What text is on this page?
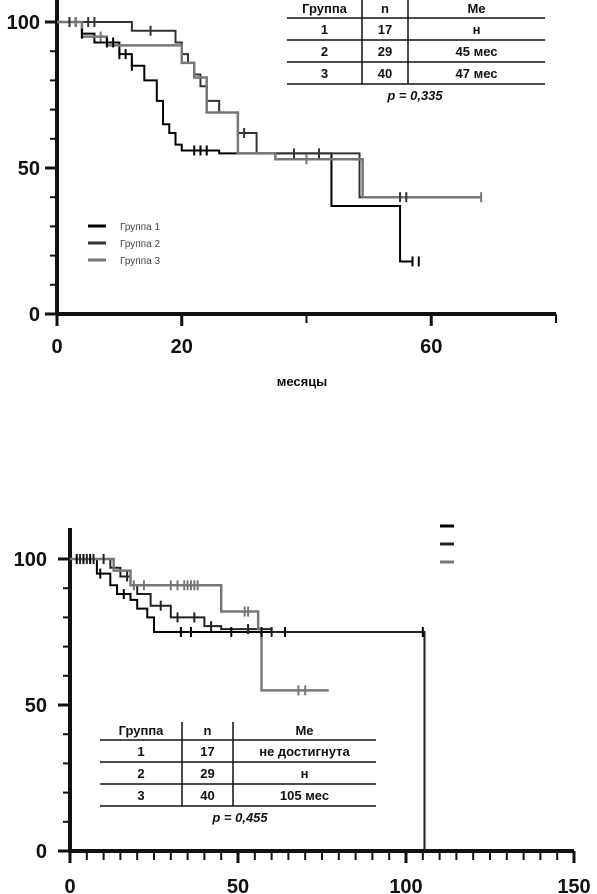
0
50
100
0	20	60
месяцы
Группа 1
Группа 2
Группа 3
Группа	n	Ме
1	17	н
2	29	45 мес
3	40	47 мес
p = 0,335
0
50
100
0	50	100	150
Группа	n	Ме
1	17	не достигнута
2	29	н
3	40	105 мес
p = 0,455
